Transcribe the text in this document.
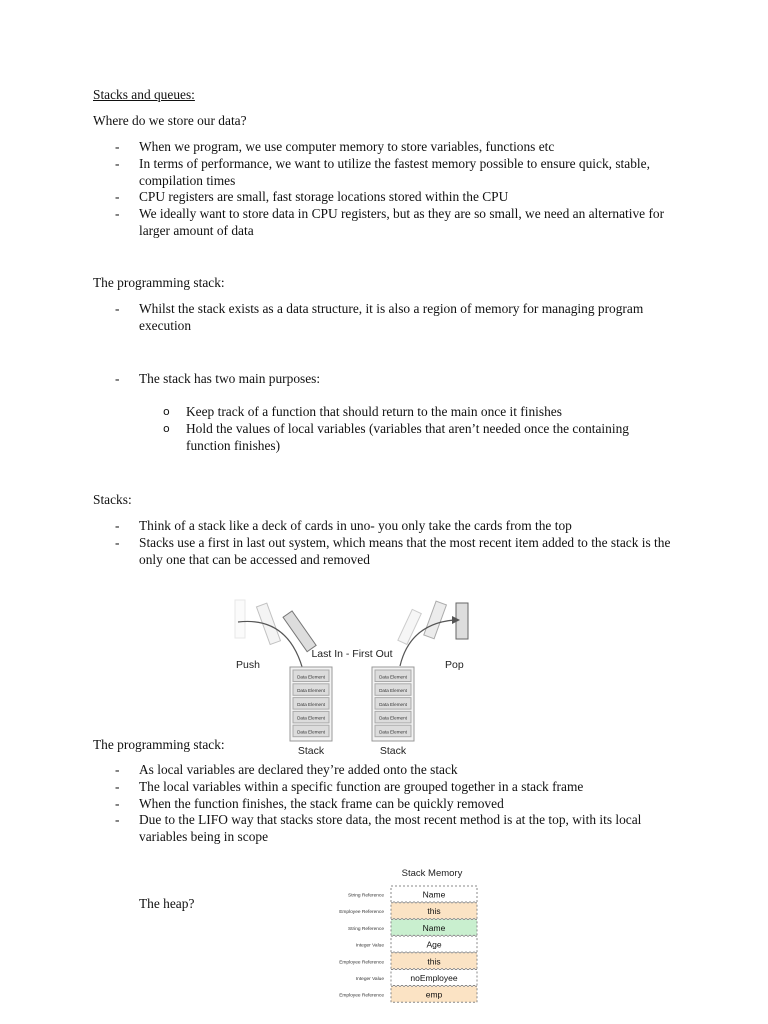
Stacks and queues:
Where do we store our data?
- When we program, we use computer memory to store variables, functions etc
- In terms of performance, we want to utilize the fastest memory possible to ensure quick, stable, compilation times
- CPU registers are small, fast storage locations stored within the CPU
- We ideally want to store data in CPU registers, but as they are so small, we need an alternative for larger amount of data
The programming stack:
- Whilst the stack exists as a data structure, it is also a region of memory for managing program execution
- The stack has two main purposes:
o Keep track of a function that should return to the main once it finishes
o Hold the values of local variables (variables that aren’t needed once the containing function finishes)
Stacks:
- Think of a stack like a deck of cards in uno- you only take the cards from the top
- Stacks use a first in last out system, which means that the most recent item added to the stack is the only one that can be accessed and removed
Last In - First Out
Push	Pop
Data Element
Data Element
Data Element
Data Element
Data Element
Data Element
Data Element
Data Element
Data Element
Data Element
Stack	Stack
The programming stack:
- As local variables are declared they’re added onto the stack
- The local variables within a specific function are grouped together in a stack frame
- When the function finishes, the stack frame can be quickly removed
- Due to the LIFO way that stacks store data, the most recent method is at the top, with its local variables being in scope
The heap?
Stack Memory
Name
String Reference
this
Employee Reference
Name
String Reference
Age
Integer Value
this
Employee Reference
noEmployee
Integer Value
emp
Employee Reference
